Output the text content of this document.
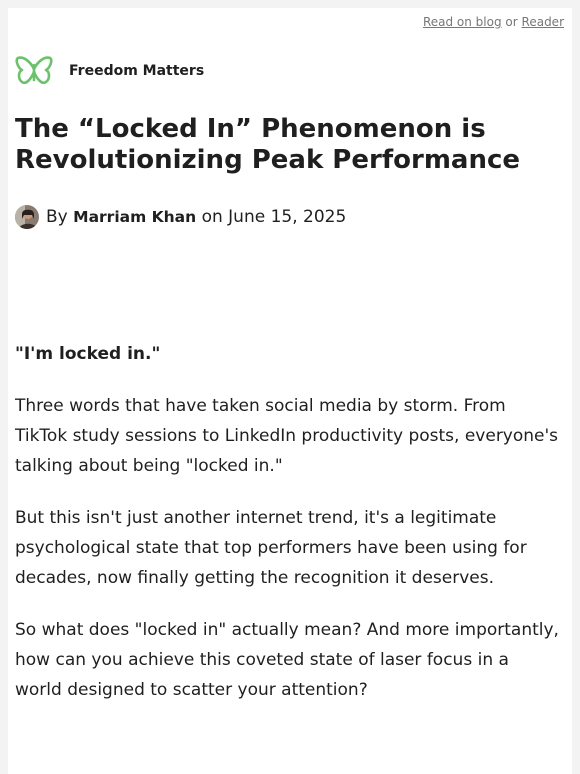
Read on blog or Reader
Freedom Matters
The “Locked In” Phenomenon is Revolutionizing Peak Performance
By
Marriam Khan
on
June 15, 2025

"I'm locked in."

Three words that have taken social media by storm. From TikTok study sessions to LinkedIn productivity posts, everyone's talking about being "locked in."

But this isn't just another internet trend, it's a legitimate psychological state that top performers have been using for decades, now finally getting the recognition it deserves.

So what does "locked in" actually mean? And more importantly, how can you achieve this coveted state of laser focus in a world designed to scatter your attention?
